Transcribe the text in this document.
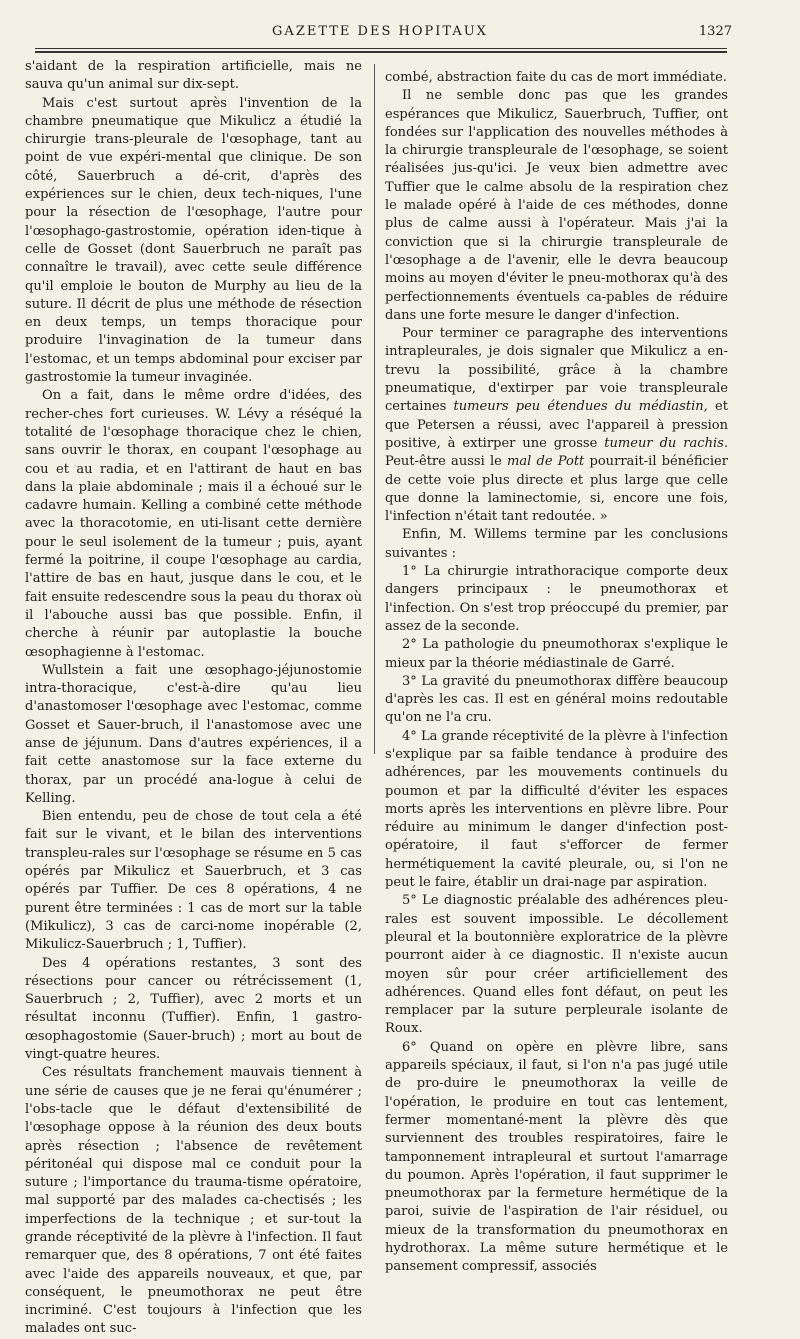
GAZETTE DES HOPITAUX	1327

s'aidant de la respiration artificielle, mais ne sauva qu'un animal sur dix-sept.

Mais c'est surtout après l'invention de la chambre pneumatique que Mikulicz a étudié la chirurgie trans-pleurale de l'œsophage, tant au point de vue expéri-mental que clinique. De son côté, Sauerbruch a dé-crit, d'après des expériences sur le chien, deux tech-niques, l'une pour la résection de l'œsophage, l'autre pour l'œsophago-gastrostomie, opération iden-tique à celle de Gosset (dont Sauerbruch ne paraît pas connaître le travail), avec cette seule différence qu'il emploie le bouton de Murphy au lieu de la suture. Il décrit de plus une méthode de résection en deux temps, un temps thoracique pour produire l'invagination de la tumeur dans l'estomac, et un temps abdominal pour exciser par gastrostomie la tumeur invaginée.

On a fait, dans le même ordre d'idées, des recher-ches fort curieuses. W. Lévy a réséqué la totalité de l'œsophage thoracique chez le chien, sans ouvrir le thorax, en coupant l'œsophage au cou et au radia, et en l'attirant de haut en bas dans la plaie abdominale ; mais il a échoué sur le cadavre humain. Kelling a combiné cette méthode avec la thoracotomie, en uti-lisant cette dernière pour le seul isolement de la tumeur ; puis, ayant fermé la poitrine, il coupe l'œsophage au cardia, l'attire de bas en haut, jusque dans le cou, et le fait ensuite redescendre sous la peau du thorax où il l'abouche aussi bas que possible. Enfin, il cherche à réunir par autoplastie la bouche œsophagienne à l'estomac.

Wullstein a fait une œsophago-jéjunostomie intra-thoracique, c'est-à-dire qu'au lieu d'anastomoser l'œsophage avec l'estomac, comme Gosset et Sauer-bruch, il l'anastomose avec une anse de jéjunum. Dans d'autres expériences, il a fait cette anastomose sur la face externe du thorax, par un procédé ana-logue à celui de Kelling.

Bien entendu, peu de chose de tout cela a été fait sur le vivant, et le bilan des interventions transpleu-rales sur l'œsophage se résume en 5 cas opérés par Mikulicz et Sauerbruch, et 3 cas opérés par Tuffier. De ces 8 opérations, 4 ne purent être terminées : 1 cas de mort sur la table (Mikulicz), 3 cas de carci-nome inopérable (2, Mikulicz-Sauerbruch ; 1, Tuffier).

Des 4 opérations restantes, 3 sont des résections pour cancer ou rétrécissement (1, Sauerbruch ; 2, Tuffier), avec 2 morts et un résultat inconnu (Tuffier). Enfin, 1 gastro-œsophagostomie (Sauer-bruch) ; mort au bout de vingt-quatre heures.

Ces résultats franchement mauvais tiennent à une série de causes que je ne ferai qu'énumérer ; l'obs-tacle que le défaut d'extensibilité de l'œsophage oppose à la réunion des deux bouts après résection ; l'absence de revêtement péritonéal qui dispose mal ce conduit pour la suture ; l'importance du trauma-tisme opératoire, mal supporté par des malades ca-chectisés ; les imperfections de la technique ; et sur-tout la grande réceptivité de la plèvre à l'infection. Il faut remarquer que, des 8 opérations, 7 ont été faites avec l'aide des appareils nouveaux, et que, par conséquent, le pneumothorax ne peut être incriminé. C'est toujours à l'infection que les malades ont suc-

combé, abstraction faite du cas de mort immédiate.

Il ne semble donc pas que les grandes espérances que Mikulicz, Sauerbruch, Tuffier, ont fondées sur l'application des nouvelles méthodes à la chirurgie transpleurale de l'œsophage, se soient réalisées jus-qu'ici. Je veux bien admettre avec Tuffier que le calme absolu de la respiration chez le malade opéré à l'aide de ces méthodes, donne plus de calme aussi à l'opérateur. Mais j'ai la conviction que si la chirurgie transpleurale de l'œsophage a de l'avenir, elle le devra beaucoup moins au moyen d'éviter le pneu-mothorax qu'à des perfectionnements éventuels ca-pables de réduire dans une forte mesure le danger d'infection.

Pour terminer ce paragraphe des interventions intrapleurales, je dois signaler que Mikulicz a en-trevu la possibilité, grâce à la chambre pneumatique, d'extirper par voie transpleurale certaines tumeurs peu étendues du médiastin, et que Petersen a réussi, avec l'appareil à pression positive, à extirper une grosse tumeur du rachis. Peut-être aussi le mal de Pott pourrait-il bénéficier de cette voie plus directe et plus large que celle que donne la laminectomie, si, encore une fois, l'infection n'était tant redoutée. »

Enfin, M. Willems termine par les conclusions suivantes :

1° La chirurgie intrathoracique comporte deux dangers principaux : le pneumothorax et l'infection. On s'est trop préoccupé du premier, par assez de la seconde.

2° La pathologie du pneumothorax s'explique le mieux par la théorie médiastinale de Garré.

3° La gravité du pneumothorax diffère beaucoup d'après les cas. Il est en général moins redoutable qu'on ne l'a cru.

4° La grande réceptivité de la plèvre à l'infection s'explique par sa faible tendance à produire des adhérences, par les mouvements continuels du poumon et par la difficulté d'éviter les espaces morts après les interventions en plèvre libre. Pour réduire au minimum le danger d'infection post-opératoire, il faut s'efforcer de fermer hermétiquement la cavité pleurale, ou, si l'on ne peut le faire, établir un drai-nage par aspiration.

5° Le diagnostic préalable des adhérences pleu-rales est souvent impossible. Le décollement pleural et la boutonnière exploratrice de la plèvre pourront aider à ce diagnostic. Il n'existe aucun moyen sûr pour créer artificiellement des adhérences. Quand elles font défaut, on peut les remplacer par la suture perpleurale isolante de Roux.

6° Quand on opère en plèvre libre, sans appareils spéciaux, il faut, si l'on n'a pas jugé utile de pro-duire le pneumothorax la veille de l'opération, le produire en tout cas lentement, fermer momentané-ment la plèvre dès que surviennent des troubles respiratoires, faire le tamponnement intrapleural et surtout l'amarrage du poumon. Après l'opération, il faut supprimer le pneumothorax par la fermeture hermétique de la paroi, suivie de l'aspiration de l'air résiduel, ou mieux de la transformation du pneumothorax en hydrothorax. La même suture hermétique et le pansement compressif, associés
